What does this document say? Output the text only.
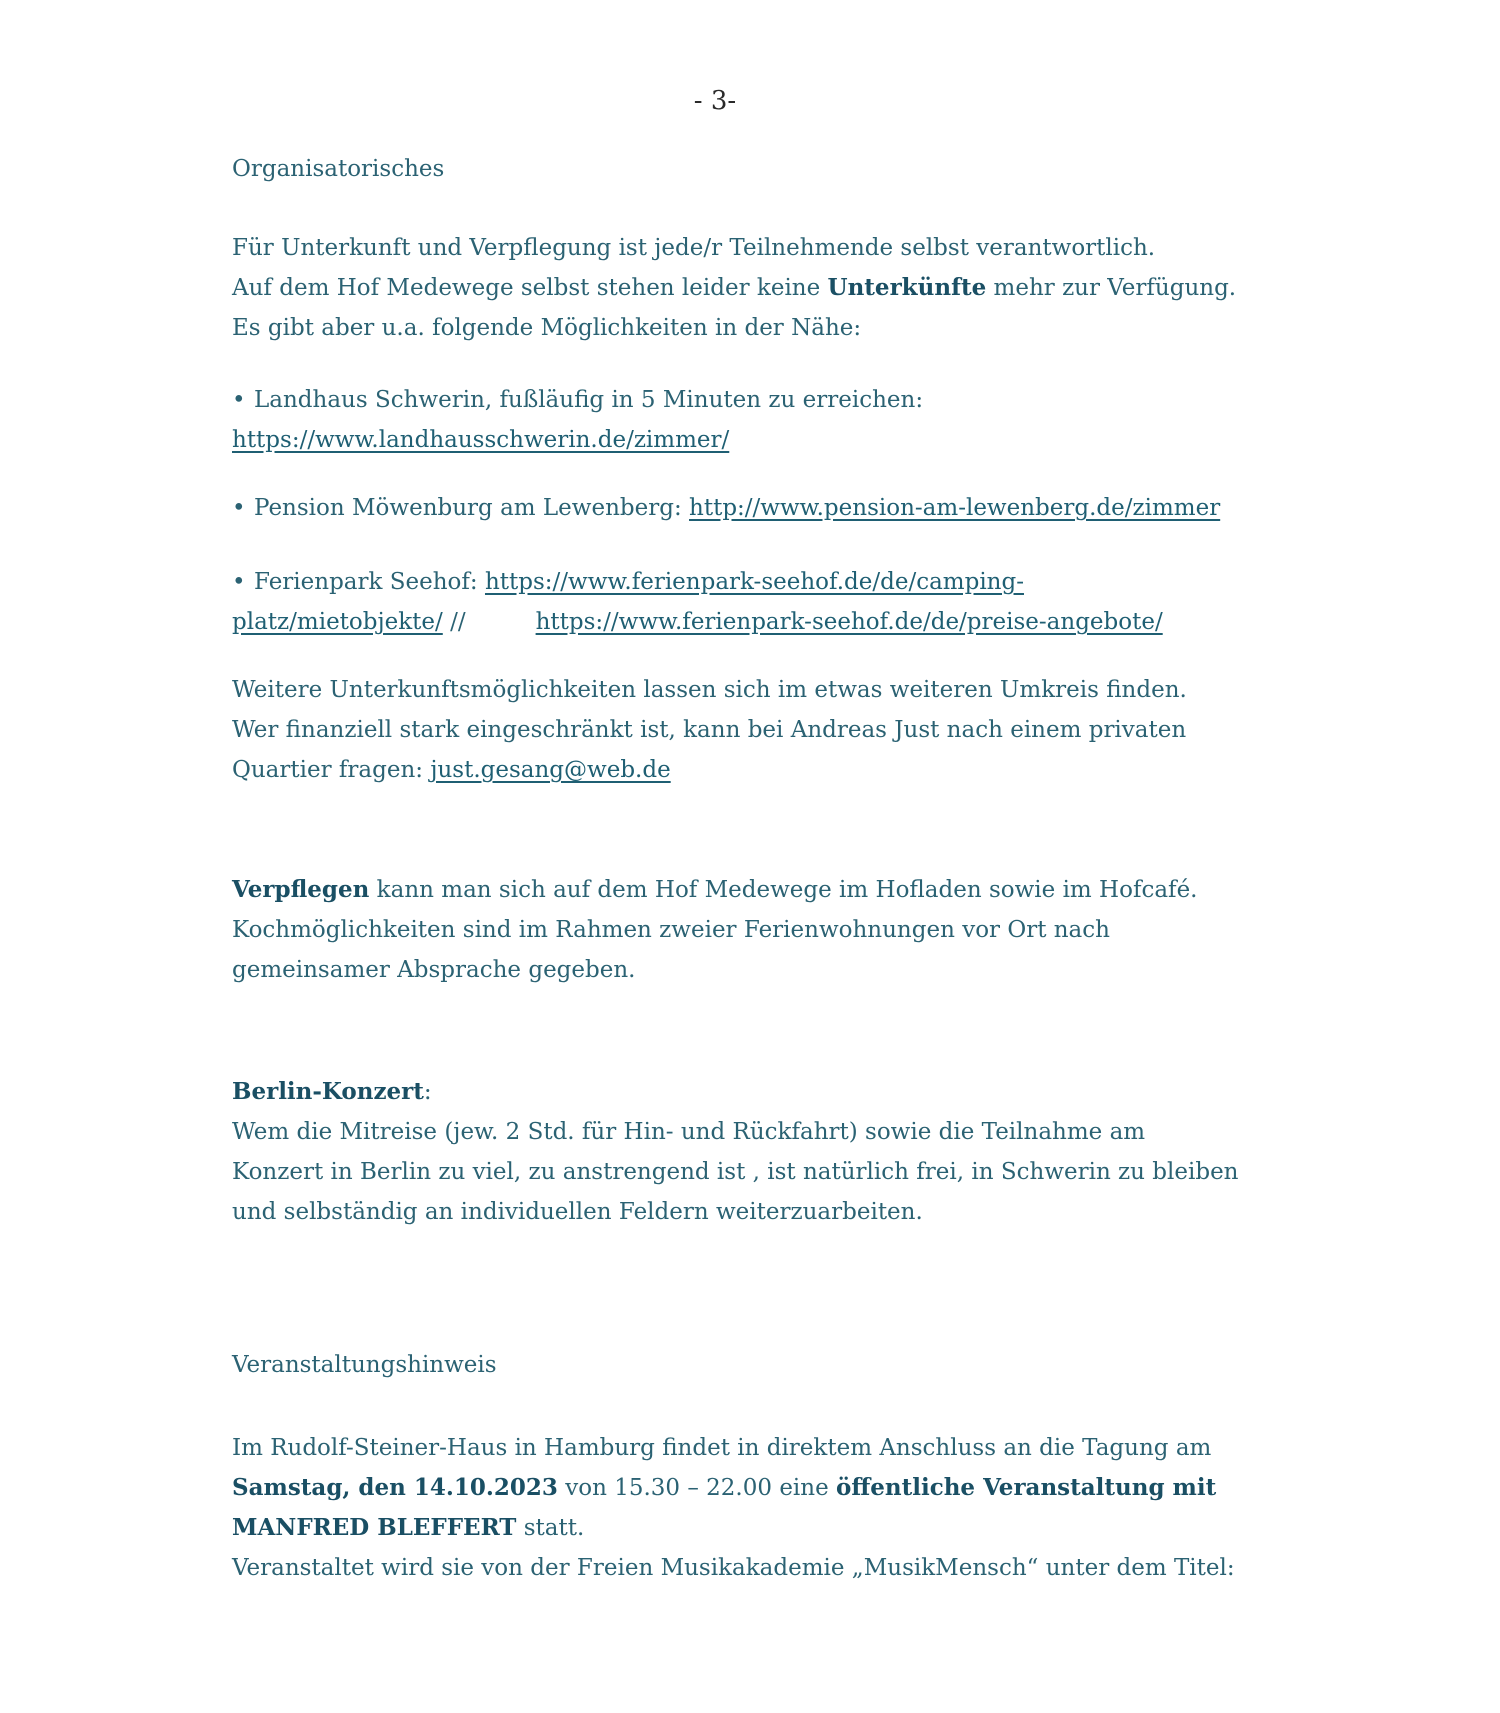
- 3-
Organisatorisches
Für Unterkunft und Verpflegung ist jede/r Teilnehmende selbst verantwortlich.
Auf dem Hof Medewege selbst stehen leider keine Unterkünfte mehr zur Verfügung.
Es gibt aber u.a. folgende Möglichkeiten in der Nähe:
• Landhaus Schwerin, fußläufig in 5 Minuten zu erreichen:
https://www.landhausschwerin.de/zimmer/
• Pension Möwenburg am Lewenberg: http://www.pension-am-lewenberg.de/zimmer
• Ferienpark Seehof: https://www.ferienpark-seehof.de/de/camping-
platz/mietobjekte/ //	https://www.ferienpark-seehof.de/de/preise-angebote/
Weitere Unterkunftsmöglichkeiten lassen sich im etwas weiteren Umkreis finden.
Wer finanziell stark eingeschränkt ist, kann bei Andreas Just nach einem privaten
Quartier fragen: just.gesang@web.de
Verpflegen kann man sich auf dem Hof Medewege im Hofladen sowie im Hofcafé.
Kochmöglichkeiten sind im Rahmen zweier Ferienwohnungen vor Ort nach
gemeinsamer Absprache gegeben.
Berlin-Konzert:
Wem die Mitreise (jew. 2 Std. für Hin- und Rückfahrt) sowie die Teilnahme am
Konzert in Berlin zu viel, zu anstrengend ist , ist natürlich frei, in Schwerin zu bleiben
und selbständig an individuellen Feldern weiterzuarbeiten.
Veranstaltungshinweis
Im Rudolf-Steiner-Haus in Hamburg findet in direktem Anschluss an die Tagung am
Samstag, den 14.10.2023 von 15.30 – 22.00 eine öffentliche Veranstaltung mit
MANFRED BLEFFERT statt.
Veranstaltet wird sie von der Freien Musikakademie „MusikMensch“ unter dem Titel:
